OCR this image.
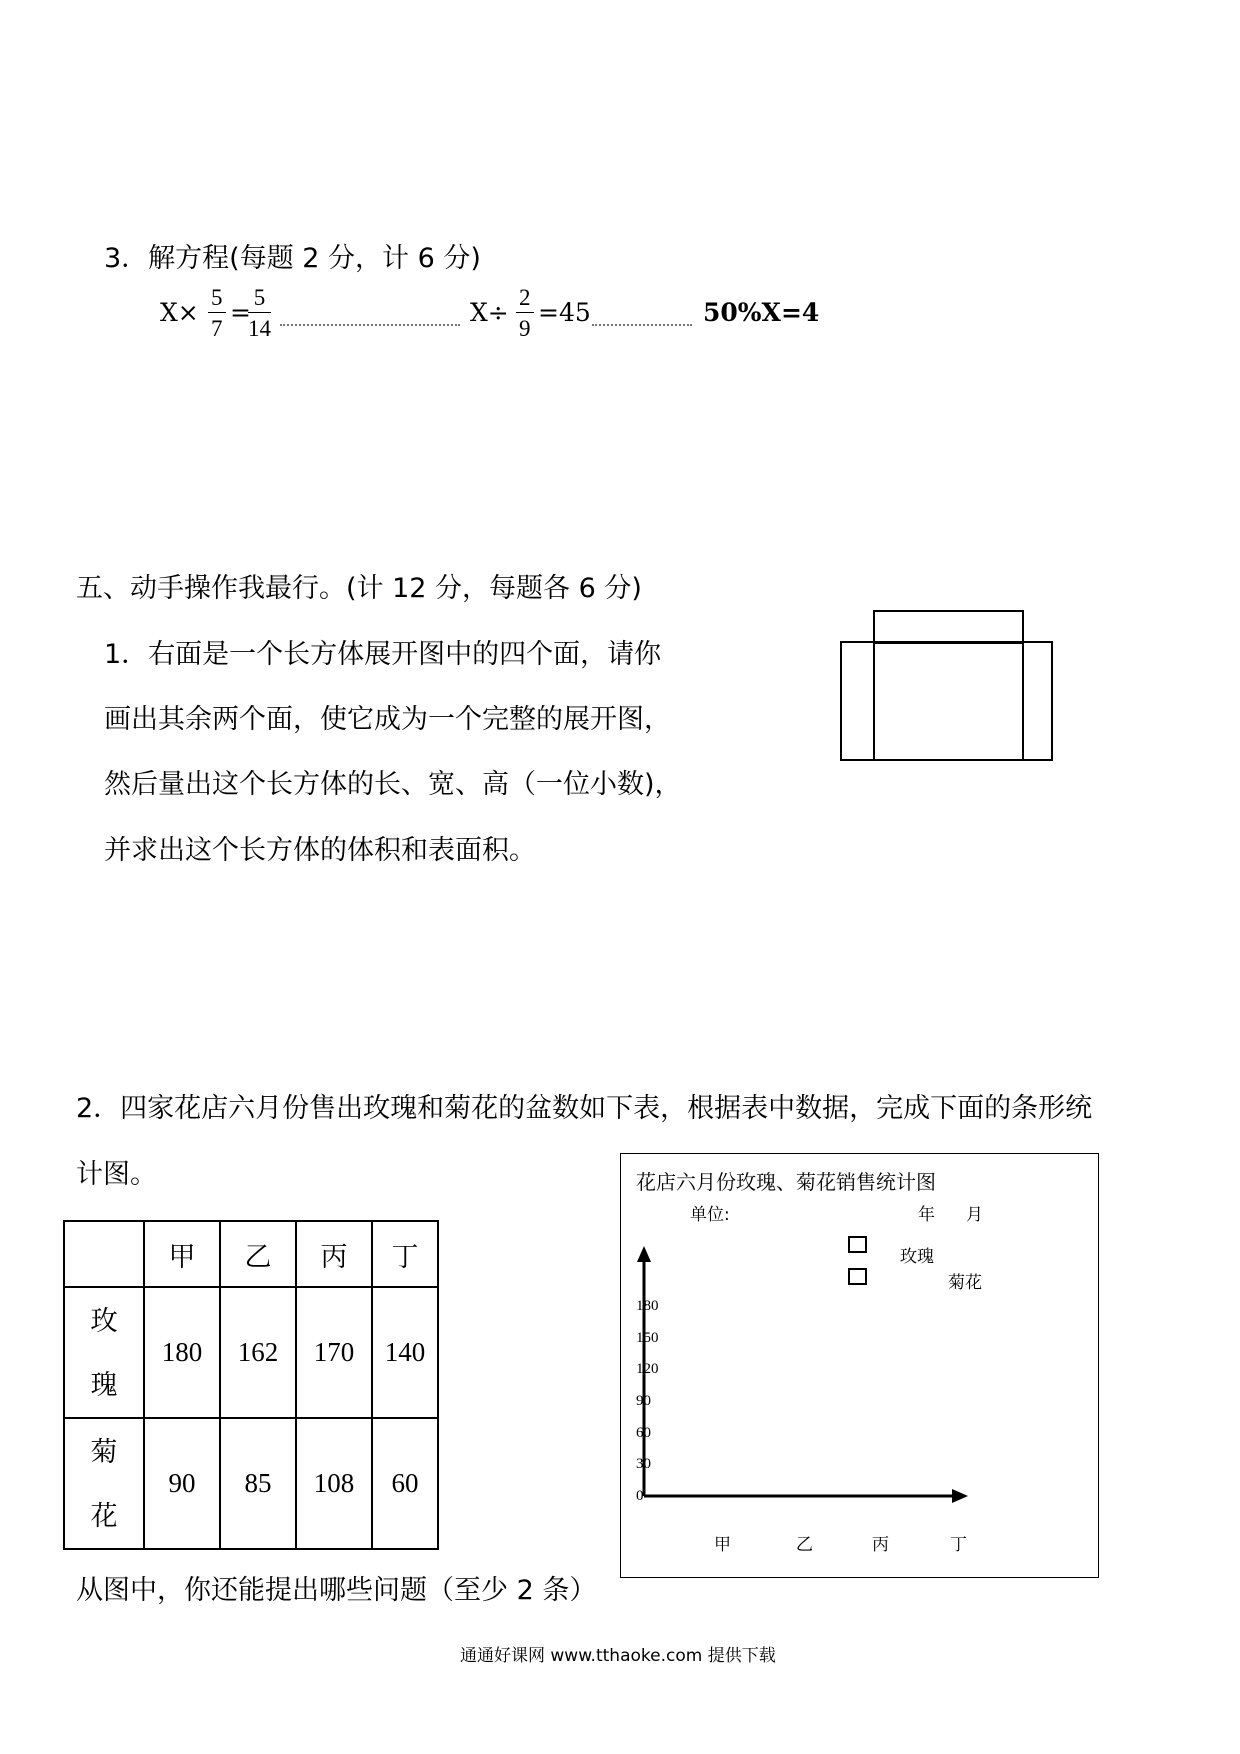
3．解方程(每题 2 分，计 6 分)
$X\times \frac{5}{7}$ =
$\frac{5}{14}$	$X\div \frac{2}{9} =45$	50%X=4
五、动手操作我最行。(计 12 分，每题各 6 分)
1．右面是一个长方体展开图中的四个面，请你
画出其余两个面，使它成为一个完整的展开图，
然后量出这个长方体的长、宽、高（一位小数)，
并求出这个长方体的体积和表面积。
2．四家花店六月份售出玫瑰和菊花的盆数如下表，根据表中数据，完成下面的条形统
计图。
	甲	乙	丙	丁
玫
瑰	180	162	170	140
菊
花	90	85	108	60
从图中，你还能提出哪些问题（至少 2 条）
花店六月份玫瑰、菊花销售统计图
单位:	年 月
玫瑰
菊花
0
30
60
90
120
150
180
甲	乙	丙	丁
通通好课网 www.tthaoke.com 提供下载
